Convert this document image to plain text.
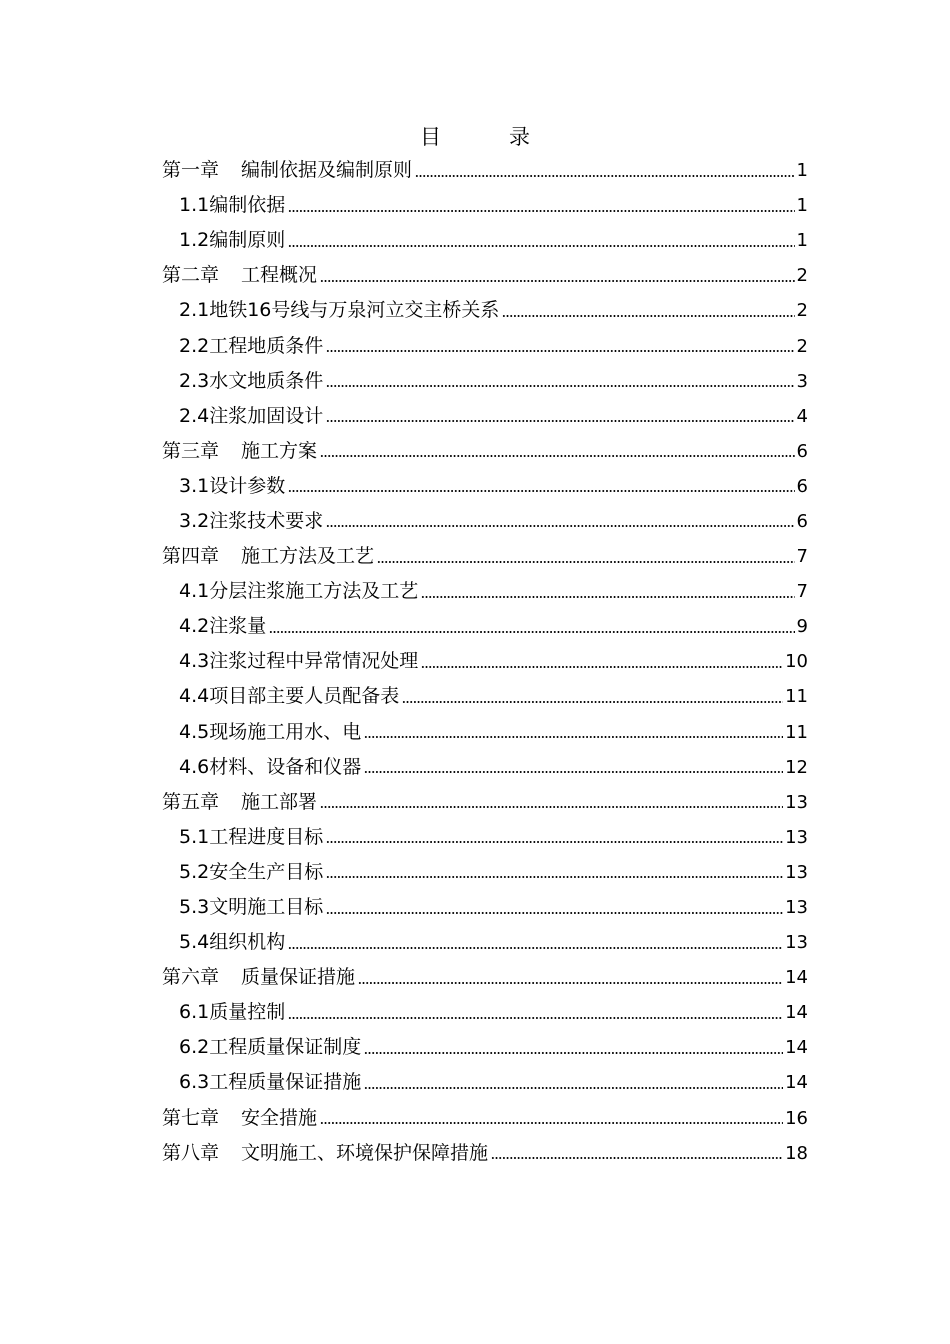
目	录
第一章 编制依据及编制原则	1
1.1编制依据	1
1.2编制原则	1
第二章 工程概况	2
2.1地铁16号线与万泉河立交主桥关系	2
2.2工程地质条件	2
2.3水文地质条件	3
2.4注浆加固设计	4
第三章 施工方案	6
3.1设计参数	6
3.2注浆技术要求	6
第四章 施工方法及工艺	7
4.1分层注浆施工方法及工艺	7
4.2注浆量	9
4.3注浆过程中异常情况处理	10
4.4项目部主要人员配备表	11
4.5现场施工用水、电	11
4.6材料、设备和仪器	12
第五章 施工部署	13
5.1工程进度目标	13
5.2安全生产目标	13
5.3文明施工目标	13
5.4组织机构	13
第六章 质量保证措施	14
6.1质量控制	14
6.2工程质量保证制度	14
6.3工程质量保证措施	14
第七章 安全措施	16
第八章 文明施工、环境保护保障措施	18
